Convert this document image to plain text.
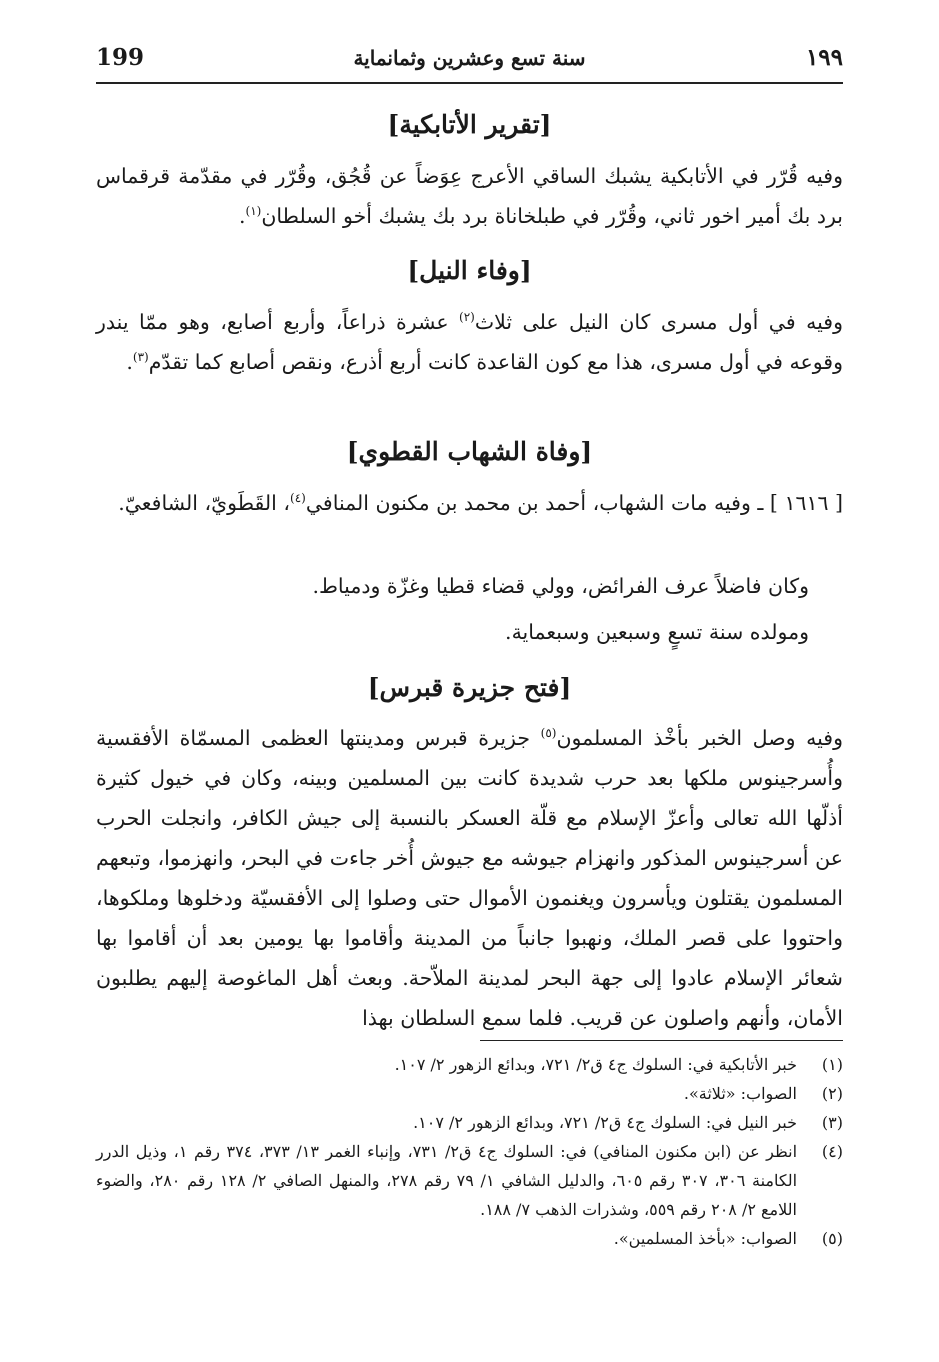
199	سنة تسع وعشرين وثمانماية	١٩٩
[تقرير الأتابكية]

وفيه قُرّر في الأتابكية يشبك الساقي الأعرج عِوَضاً عن قُجُق، وقُرّر في مقدّمة قرقماس برد بك أمير اخور ثاني، وقُرّر في طبلخاناة برد بك يشبك أخو السلطان$^{(١)}$.

[وفاء النيل]

وفيه في أول مسرى كان النيل على ثلاث$^{(٢)}$ عشرة ذراعاً، وأربع أصابع، وهو ممّا يندر وقوعه في أول مسرى، هذا مع كون القاعدة كانت أربع أذرع، ونقص أصابع كما تقدّم$^{(٣)}$.

[وفاة الشهاب القطوي]

[ ١٦١٦ ] ـ وفيه مات الشهاب، أحمد بن محمد بن مكنون المنافي$^{(٤)}$، القَطَويّ، الشافعيّ.

وكان فاضلاً عرف الفرائض، وولي قضاء قطيا وغزّة ودمياط.

ومولده سنة تسعٍ وسبعين وسبعماية.

[فتح جزيرة قبرس]

وفيه وصل الخبر بأخْذ المسلمون$^{(٥)}$ جزيرة قبرس ومدينتها العظمى المسمّاة الأفقسية وأُسرجينوس ملكها بعد حرب شديدة كانت بين المسلمين وبينه، وكان في خيول كثيرة أذلّها الله تعالى وأعزّ الإسلام مع قلّة العسكر بالنسبة إلى جيش الكافر، وانجلت الحرب عن أسرجينوس المذكور وانهزام جيوشه مع جيوش أُخر جاءت في البحر، وانهزموا، وتبعهم المسلمون يقتلون ويأسرون ويغنمون الأموال حتى وصلوا إلى الأفقسيّة ودخلوها وملكوها، واحتووا على قصر الملك، ونهبوا جانباً من المدينة وأقاموا بها يومين بعد أن أقاموا بها شعائر الإسلام عادوا إلى جهة البحر لمدينة الملاّحة. وبعث أهل الماغوصة إليهم يطلبون الأمان، وأنهم واصلون عن قريب. فلما سمع السلطان بهذا

(١)
خبر الأتابكية في: السلوك ج٤ ق٢/ ٧٢١، وبدائع الزهور ٢/ ١٠٧.
(٢)
الصواب: «ثلاثة».
(٣)
خبر النيل في: السلوك ج٤ ق٢/ ٧٢١، وبدائع الزهور ٢/ ١٠٧.
(٤)
انظر عن (ابن مكنون المنافي) في: السلوك ج٤ ق٢/ ٧٣١، وإنباء الغمر ١٣/ ٣٧٣، ٣٧٤ رقم ١، وذيل الدرر الكامنة ٣٠٦، ٣٠٧ رقم ٦٠٥، والدليل الشافي ١/ ٧٩ رقم ٢٧٨، والمنهل الصافي ٢/ ١٢٨ رقم ٢٨٠، والضوء اللامع ٢/ ٢٠٨ رقم ٥٥٩، وشذرات الذهب ٧/ ١٨٨.
(٥)
الصواب: «بأخذ المسلمين».
